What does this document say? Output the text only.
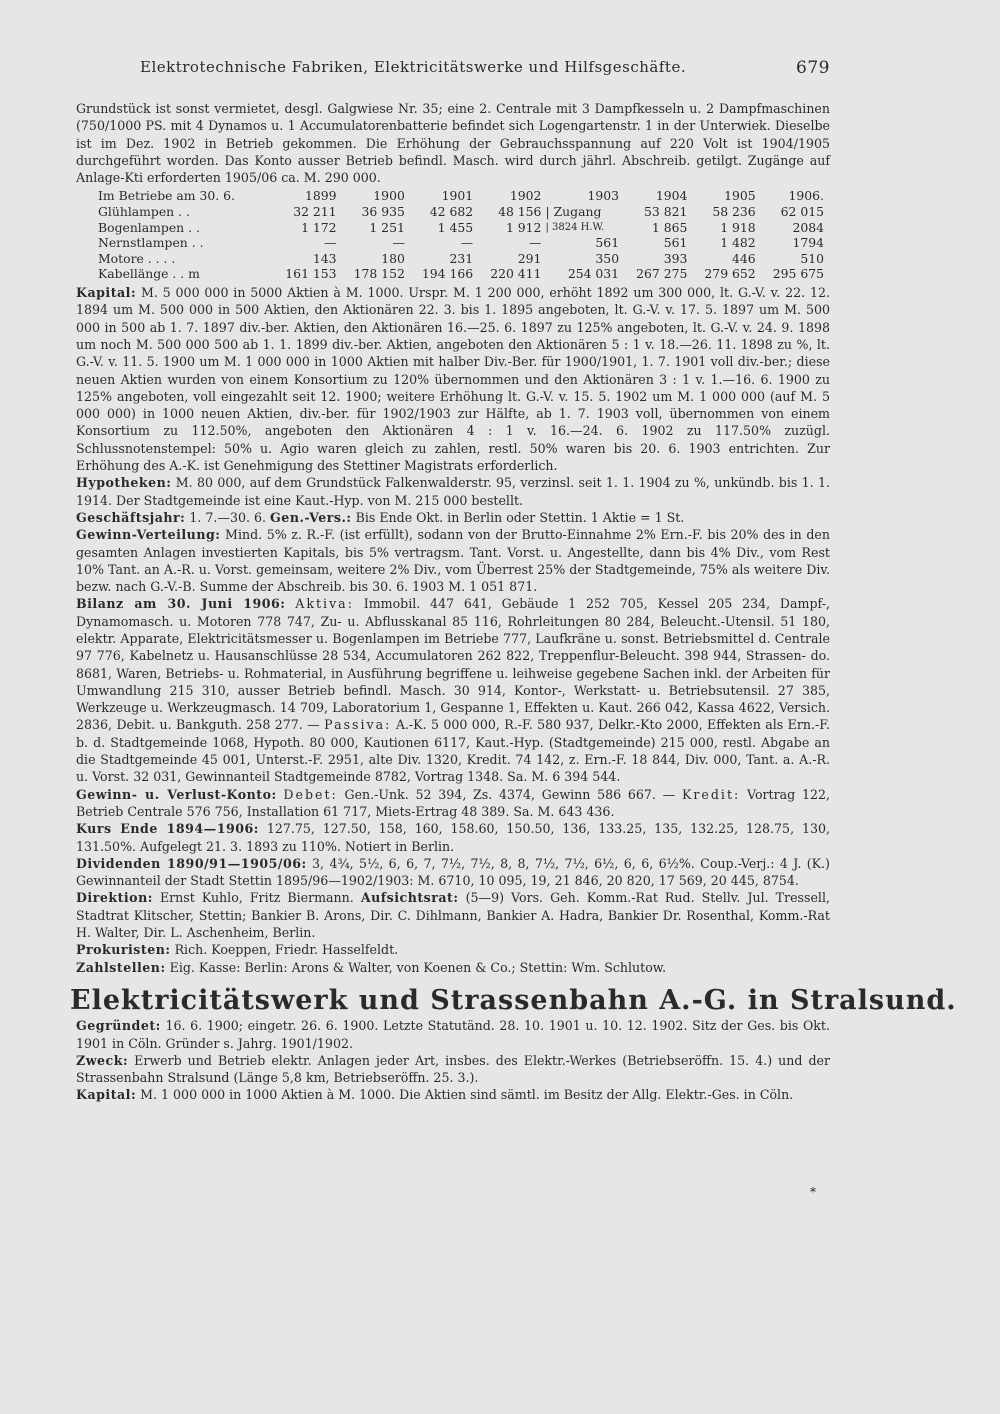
Elektrotechnische Fabriken, Elektricitätswerke und Hilfsgeschäfte.	679

Grundstück ist sonst vermietet, desgl. Galgwiese Nr. 35; eine 2. Centrale mit 3 Dampfkesseln u. 2 Dampfmaschinen (750/1000 PS. mit 4 Dynamos u. 1 Accumulatorenbatterie befindet sich Logengartenstr. 1 in der Unterwiek. Dieselbe ist im Dez. 1902 in Betrieb gekommen. Die Erhöhung der Gebrauchsspannung auf 220 Volt ist 1904/1905 durchgeführt worden. Das Konto ausser Betrieb befindl. Masch. wird durch jährl. Abschreib. getilgt. Zugänge auf Anlage-Kti erforderten 1905/06 ca. M. 290 000.

Im Betriebe am 30. 6.	1899	1900	1901	1902	1903	1904	1905	1906.
Glühlampen . .	32 211	36 935	42 682	48 156	| Zugang	53 821	58 236	62 015
Bogenlampen . .	1 172	1 251	1 455	1 912	| 3824 H.W.	1 865	1 918	2084
Nernstlampen . .	—	—	—	—	561	561	1 482	1794
Motore . . . .	143	180	231	291	350	393	446	510
Kabellänge . . m	161 153	178 152	194 166	220 411	254 031	267 275	279 652	295 675

Kapital: M. 5 000 000 in 5000 Aktien à M. 1000. Urspr. M. 1 200 000, erhöht 1892 um 300 000, lt. G.-V. v. 22. 12. 1894 um M. 500 000 in 500 Aktien, den Aktionären 22. 3. bis 1. 1895 angeboten, lt. G.-V. v. 17. 5. 1897 um M. 500 000 in 500 ab 1. 7. 1897 div.-ber. Aktien, den Aktionären 16.—25. 6. 1897 zu 125% angeboten, lt. G.-V. v. 24. 9. 1898 um noch M. 500 000 500 ab 1. 1. 1899 div.-ber. Aktien, angeboten den Aktionären 5 : 1 v. 18.—26. 11. 1898 zu %, lt. G.-V. v. 11. 5. 1900 um M. 1 000 000 in 1000 Aktien mit halber Div.-Ber. für 1900/1901, 1. 7. 1901 voll div.-ber.; diese neuen Aktien wurden von einem Konsortium zu 120% übernommen und den Aktionären 3 : 1 v. 1.—16. 6. 1900 zu 125% angeboten, voll eingezahlt seit 12. 1900; weitere Erhöhung lt. G.-V. v. 15. 5. 1902 um M. 1 000 000 (auf M. 5 000 000) in 1000 neuen Aktien, div.-ber. für 1902/1903 zur Hälfte, ab 1. 7. 1903 voll, übernommen von einem Konsortium zu 112.50%, angeboten den Aktionären 4 : 1 v. 16.—24. 6. 1902 zu 117.50% zuzügl. Schlussnotenstempel: 50% u. Agio waren gleich zu zahlen, restl. 50% waren bis 20. 6. 1903 entrichten. Zur Erhöhung des A.-K. ist Genehmigung des Stettiner Magistrats erforderlich.

Hypotheken: M. 80 000, auf dem Grundstück Falkenwalderstr. 95, verzinsl. seit 1. 1. 1904 zu %, unkündb. bis 1. 1. 1914. Der Stadtgemeinde ist eine Kaut.-Hyp. von M. 215 000 bestellt.

Geschäftsjahr: 1. 7.—30. 6. Gen.-Vers.: Bis Ende Okt. in Berlin oder Stettin. 1 Aktie = 1 St.

Gewinn-Verteilung: Mind. 5% z. R.-F. (ist erfüllt), sodann von der Brutto-Einnahme 2% Ern.-F. bis 20% des in den gesamten Anlagen investierten Kapitals, bis 5% vertragsm. Tant. Vorst. u. Angestellte, dann bis 4% Div., vom Rest 10% Tant. an A.-R. u. Vorst. gemeinsam, weitere 2% Div., vom Überrest 25% der Stadtgemeinde, 75% als weitere Div. bezw. nach G.-V.-B. Summe der Abschreib. bis 30. 6. 1903 M. 1 051 871.

Bilanz am 30. Juni 1906: Aktiva: Immobil. 447 641, Gebäude 1 252 705, Kessel 205 234, Dampf-, Dynamomasch. u. Motoren 778 747, Zu- u. Abflusskanal 85 116, Rohrleitungen 80 284, Beleucht.-Utensil. 51 180, elektr. Apparate, Elektricitätsmesser u. Bogenlampen im Betriebe 777, Laufkräne u. sonst. Betriebsmittel d. Centrale 97 776, Kabelnetz u. Hausanschlüsse 28 534, Accumulatoren 262 822, Treppenflur-Beleucht. 398 944, Strassen- do. 8681, Waren, Betriebs- u. Rohmaterial, in Ausführung begriffene u. leihweise gegebene Sachen inkl. der Arbeiten für Umwandlung 215 310, ausser Betrieb befindl. Masch. 30 914, Kontor-, Werkstatt- u. Betriebsutensil. 27 385, Werkzeuge u. Werkzeugmasch. 14 709, Laboratorium 1, Gespanne 1, Effekten u. Kaut. 266 042, Kassa 4622, Versich. 2836, Debit. u. Bankguth. 258 277. — Passiva: A.-K. 5 000 000, R.-F. 580 937, Delkr.-Kto 2000, Effekten als Ern.-F. b. d. Stadtgemeinde 1068, Hypoth. 80 000, Kautionen 6117, Kaut.-Hyp. (Stadtgemeinde) 215 000, restl. Abgabe an die Stadtgemeinde 45 001, Unterst.-F. 2951, alte Div. 1320, Kredit. 74 142, z. Ern.-F. 18 844, Div. 000, Tant. a. A.-R. u. Vorst. 32 031, Gewinnanteil Stadtgemeinde 8782, Vortrag 1348. Sa. M. 6 394 544.

Gewinn- u. Verlust-Konto: Debet: Gen.-Unk. 52 394, Zs. 4374, Gewinn 586 667. — Kredit: Vortrag 122, Betrieb Centrale 576 756, Installation 61 717, Miets-Ertrag 48 389. Sa. M. 643 436.

Kurs Ende 1894—1906: 127.75, 127.50, 158, 160, 158.60, 150.50, 136, 133.25, 135, 132.25, 128.75, 130, 131.50%. Aufgelegt 21. 3. 1893 zu 110%. Notiert in Berlin.

Dividenden 1890/91—1905/06: 3, 4¾, 5½, 6, 6, 7, 7½, 7½, 8, 8, 7½, 7½, 6½, 6, 6, 6½%. Coup.-Verj.: 4 J. (K.) Gewinnanteil der Stadt Stettin 1895/96—1902/1903: M. 6710, 10 095, 19, 21 846, 20 820, 17 569, 20 445, 8754.

Direktion: Ernst Kuhlo, Fritz Biermann. Aufsichtsrat: (5—9) Vors. Geh. Komm.-Rat Rud. Stellv. Jul. Tressell, Stadtrat Klitscher, Stettin; Bankier B. Arons, Dir. C. Dihlmann, Bankier A. Hadra, Bankier Dr. Rosenthal, Komm.-Rat H. Walter, Dir. L. Aschenheim, Berlin.

Prokuristen: Rich. Koeppen, Friedr. Hasselfeldt.

Zahlstellen: Eig. Kasse: Berlin: Arons & Walter, von Koenen & Co.; Stettin: Wm. Schlutow.

Elektricitätswerk und Strassenbahn A.-G. in Stralsund.

Gegründet: 16. 6. 1900; eingetr. 26. 6. 1900. Letzte Statutänd. 28. 10. 1901 u. 10. 12. 1902. Sitz der Ges. bis Okt. 1901 in Cöln. Gründer s. Jahrg. 1901/1902.

Zweck: Erwerb und Betrieb elektr. Anlagen jeder Art, insbes. des Elektr.-Werkes (Betriebseröffn. 15. 4.) und der Strassenbahn Stralsund (Länge 5,8 km, Betriebseröffn. 25. 3.).

Kapital: M. 1 000 000 in 1000 Aktien à M. 1000. Die Aktien sind sämtl. im Besitz der Allg. Elektr.-Ges. in Cöln.

*
